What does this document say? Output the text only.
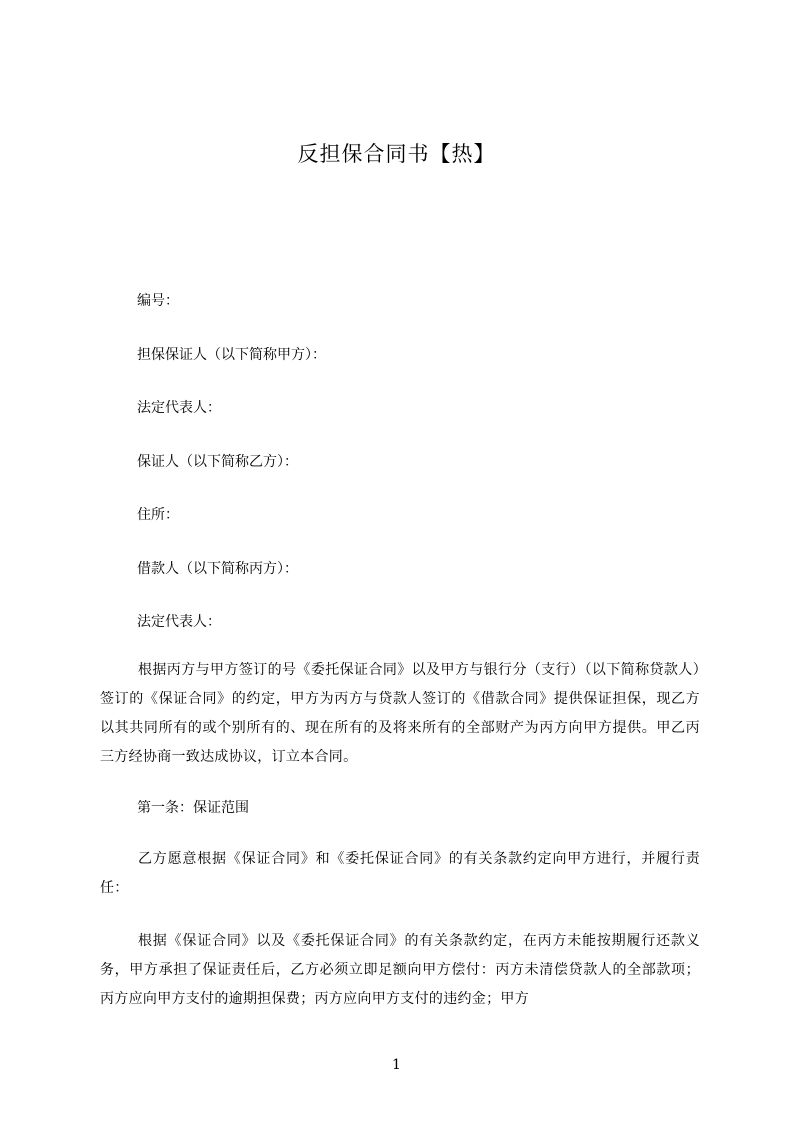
反担保合同书【热】
编号：
担保保证人（以下简称甲方）：
法定代表人：
保证人（以下简称乙方）：
住所：
借款人（以下简称丙方）：
法定代表人：
根据丙方与甲方签订的号《委托保证合同》以及甲方与银行分（支行）（以下简称贷款人）签订的《保证合同》的约定，甲方为丙方与贷款人签订的《借款合同》提供保证担保，现乙方以其共同所有的或个别所有的、现在所有的及将来所有的全部财产为丙方向甲方提供。甲乙丙三方经协商一致达成协议，订立本合同。
第一条：保证范围
乙方愿意根据《保证合同》和《委托保证合同》的有关条款约定向甲方进行，并履行责任：
根据《保证合同》以及《委托保证合同》的有关条款约定，在丙方未能按期履行还款义务，甲方承担了保证责任后，乙方必须立即足额向甲方偿付：丙方未清偿贷款人的全部款项；丙方应向甲方支付的逾期担保费；丙方应向甲方支付的违约金；甲方
1
